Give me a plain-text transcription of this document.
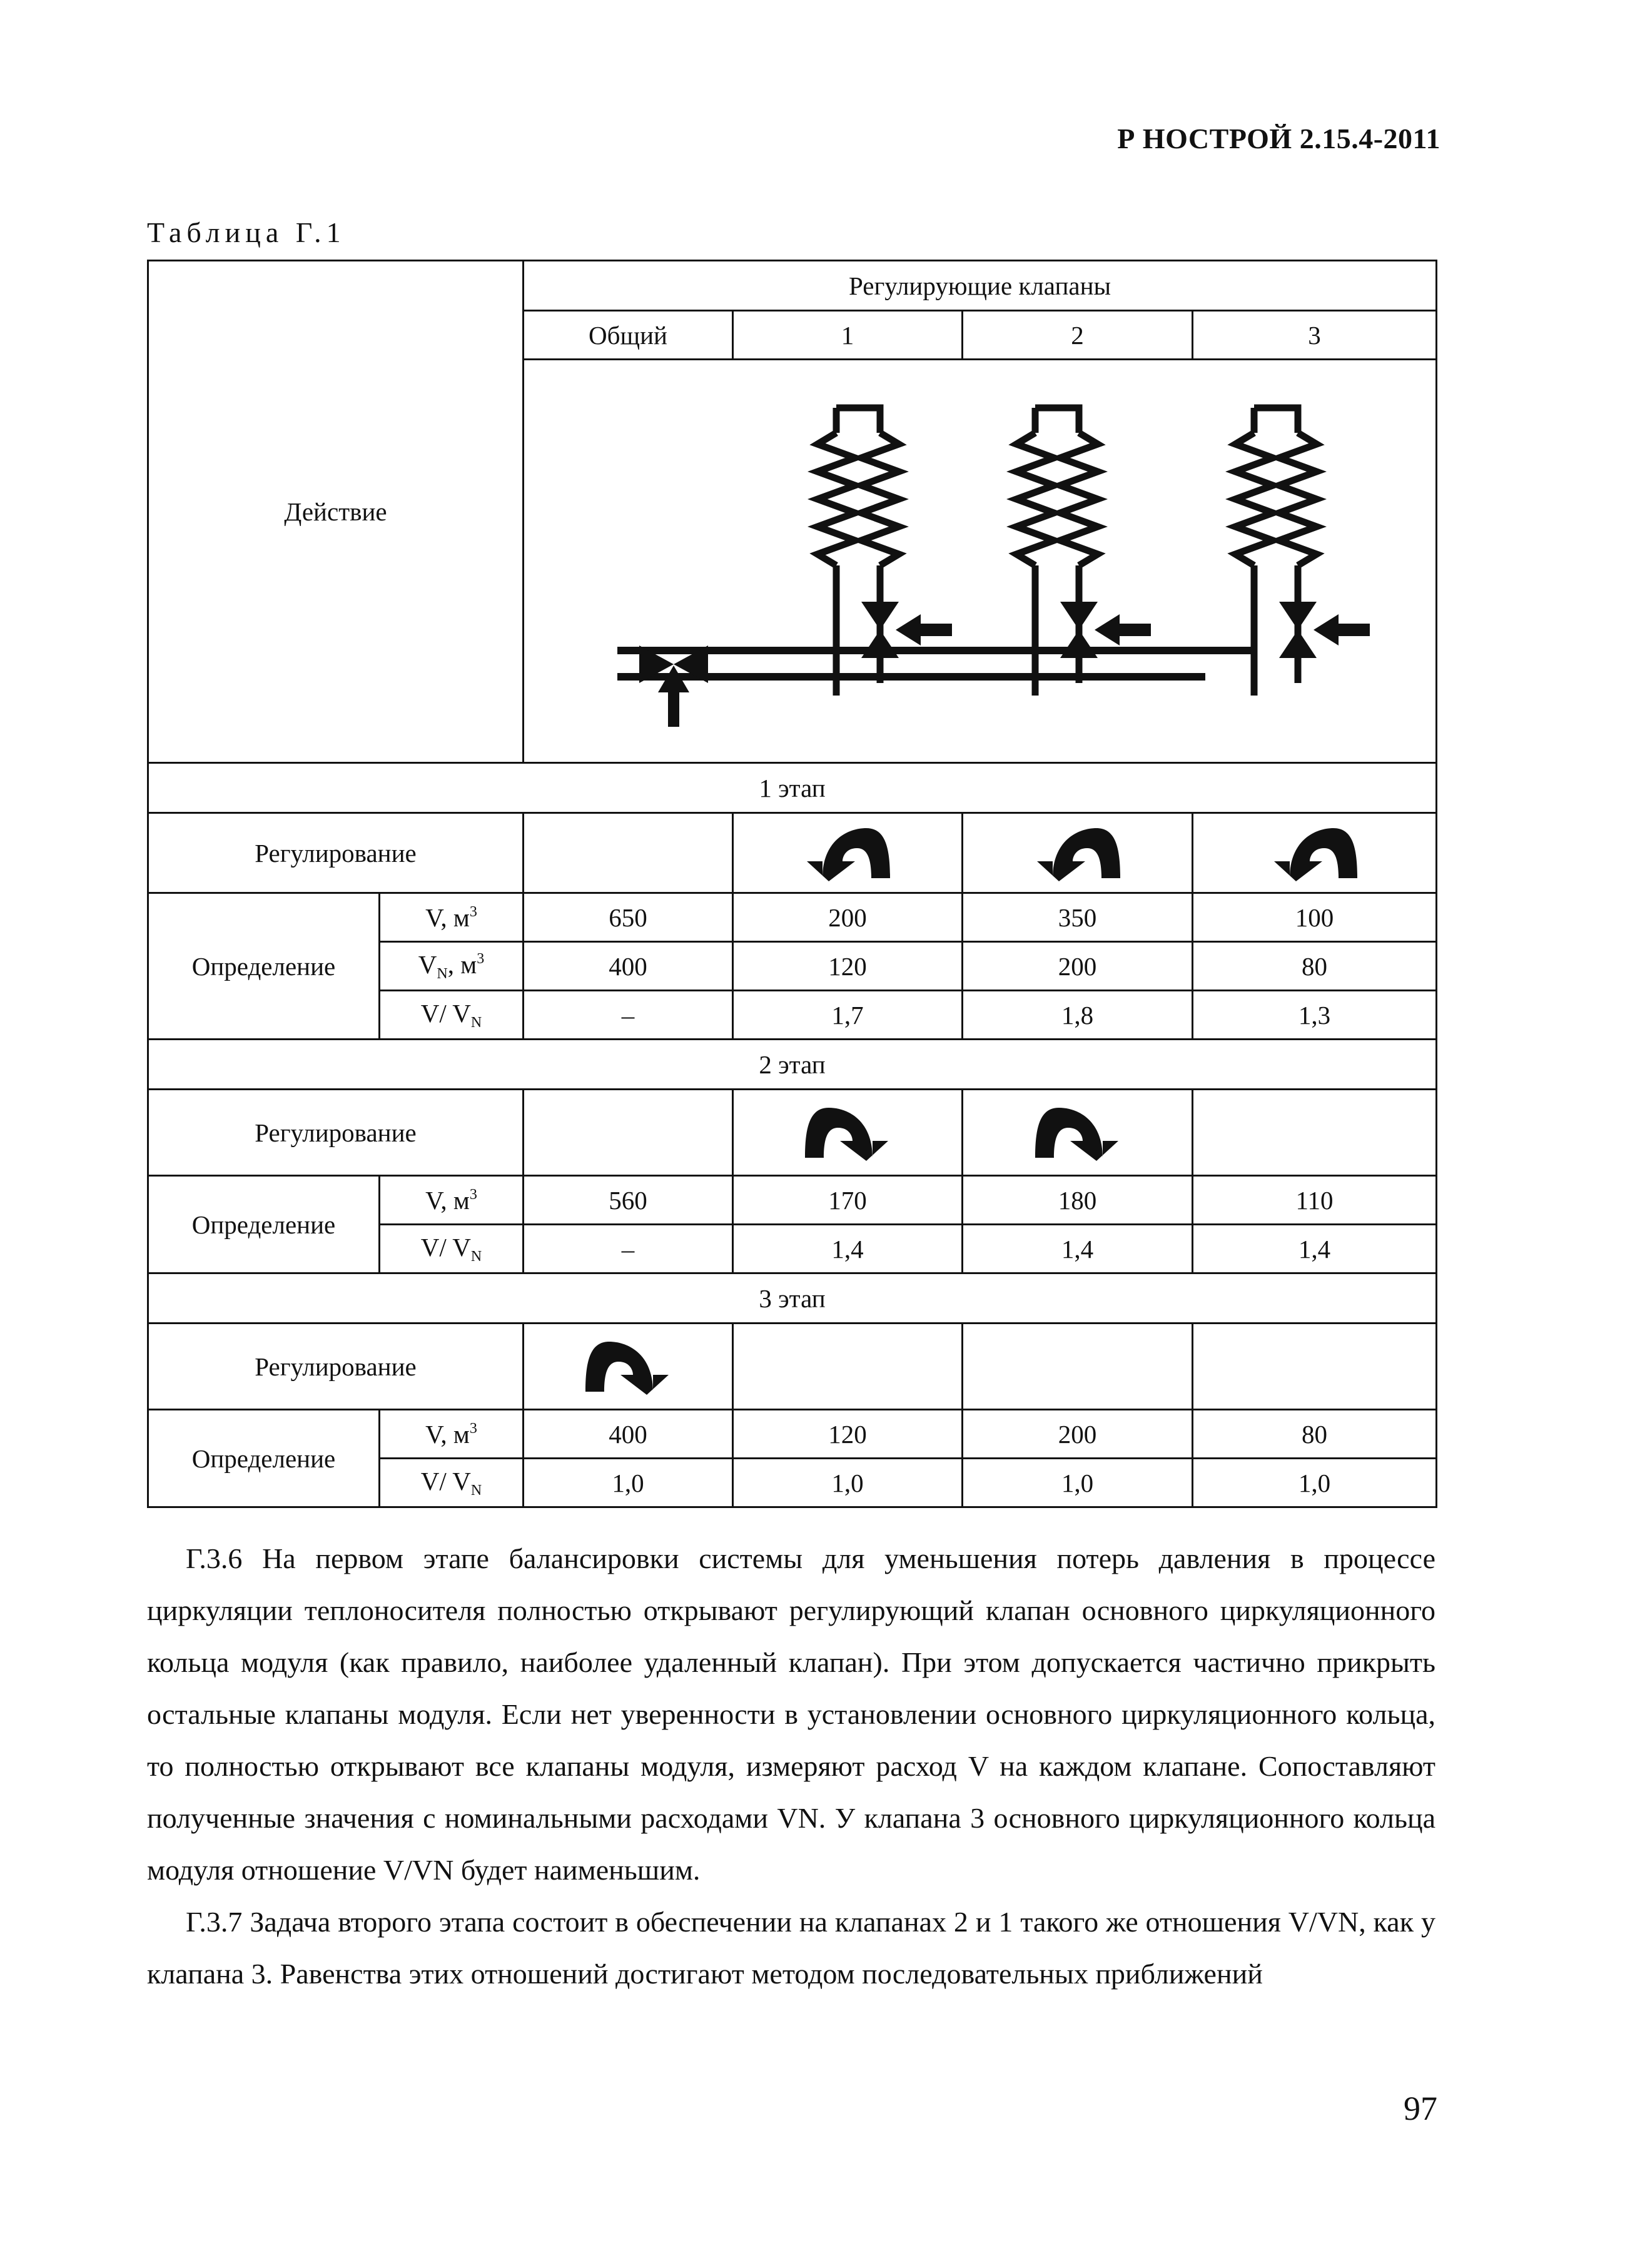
Р НОСТРОЙ 2.15.4-2011
Таблица Г.1
Действие		Регулирующие клапаны			
		Общий	1	2	3

1 этап					
Регулирование		

Определение	V, $м^3$	650	200	350	100
	$V_N$, $м^3$	400	120	200	80
	V/ $V_N$	–	1,7	1,8	1,3
2 этап					
Регулирование		

Определение	V, $м^3$	560	170	180	110
	V/ $V_N$	–	1,4	1,4	1,4
3 этап					
Регулирование	

Определение	V, $м^3$	400	120	200	80
	V/ $V_N$	1,0	1,0	1,0	1,0

Г.3.6 На первом этапе балансировки системы для уменьшения потерь давления в процессе циркуляции теплоносителя полностью открывают регулирующий клапан основного циркуляционного кольца модуля (как правило, наиболее удаленный клапан). При этом допускается частично прикрыть остальные клапаны модуля. Если нет уверенности в установлении основного циркуляционного кольца, то полностью открывают все клапаны модуля, измеряют расход V на каждом клапане. Сопоставляют полученные значения с номинальными расходами VN. У клапана 3 основного циркуляционного кольца модуля отношение V/VN будет наименьшим.

Г.3.7 Задача второго этапа состоит в обеспечении на клапанах 2 и 1 такого же отношения V/VN, как у клапана 3. Равенства этих отношений достигают методом последовательных приближений

97
